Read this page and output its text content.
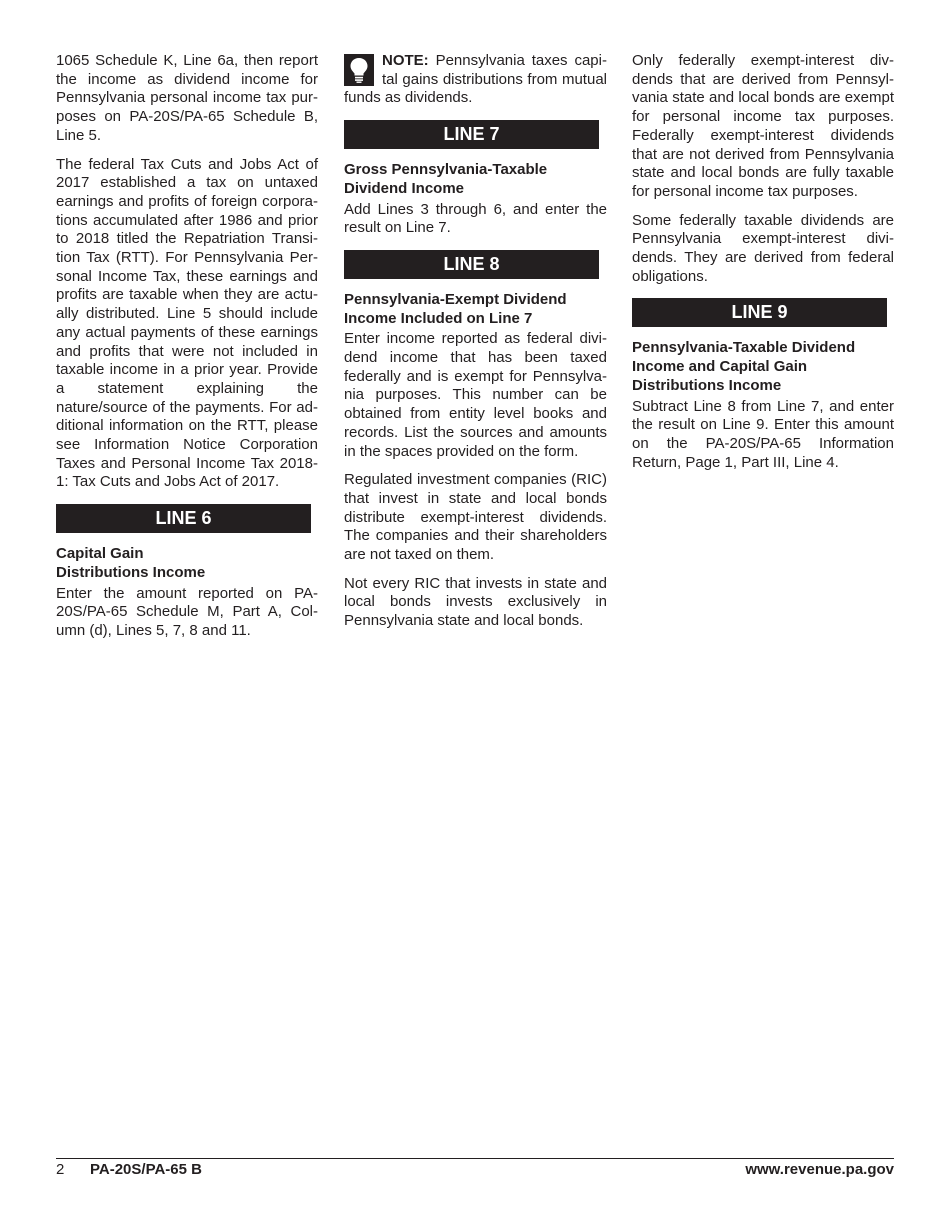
1065 Schedule K, Line 6a, then report the income as dividend income for Pennsylvania personal income tax purposes on PA-20S/PA-65 Schedule B, Line 5.

The federal Tax Cuts and Jobs Act of 2017 established a tax on untaxed earnings and profits of foreign corporations accumulated after 1986 and prior to 2018 titled the Repatriation Transition Tax (RTT). For Pennsylvania Personal Income Tax, these earnings and profits are taxable when they are actually distributed. Line 5 should include any actual payments of these earnings and profits that were not included in taxable income in a prior year. Provide a statement explaining the nature/source of the payments. For additional information on the RTT, please see Information Notice Corporation Taxes and Personal Income Tax 2018-1: Tax Cuts and Jobs Act of 2017.

LINE 6
Capital Gain
Distributions Income

Enter the amount reported on PA-20S/PA-65 Schedule M, Part A, Column (d), Lines 5, 7, 8 and 11.

NOTE: Pennsylvania taxes capital gains distributions from mutual funds as dividends.
LINE 7
Gross Pennsylvania-Taxable
Dividend Income

Add Lines 3 through 6, and enter the result on Line 7.

LINE 8
Pennsylvania-Exempt Dividend
Income Included on Line 7

Enter income reported as federal dividend income that has been taxed federally and is exempt for Pennsylvania purposes. This number can be obtained from entity level books and records. List the sources and amounts in the spaces provided on the form.

Regulated investment companies (RIC) that invest in state and local bonds distribute exempt-interest dividends. The companies and their shareholders are not taxed on them.

Not every RIC that invests in state and local bonds invests exclusively in Pennsylvania state and local bonds.

Only federally exempt-interest divdends that are derived from Pennsylvania state and local bonds are exempt for personal income tax purposes. Federally exempt-interest dividends that are not derived from Pennsylvania state and local bonds are fully taxable for personal income tax purposes.

Some federally taxable dividends are Pennsylvania exempt-interest dividends. They are derived from federal obligations.

LINE 9
Pennsylvania-Taxable Dividend
Income and Capital Gain
Distributions Income

Subtract Line 8 from Line 7, and enter the result on Line 9. Enter this amount on the PA-20S/PA-65 Information Return, Page 1, Part III, Line 4.

2 PA-20S/PA-65 B	www.revenue.pa.gov
